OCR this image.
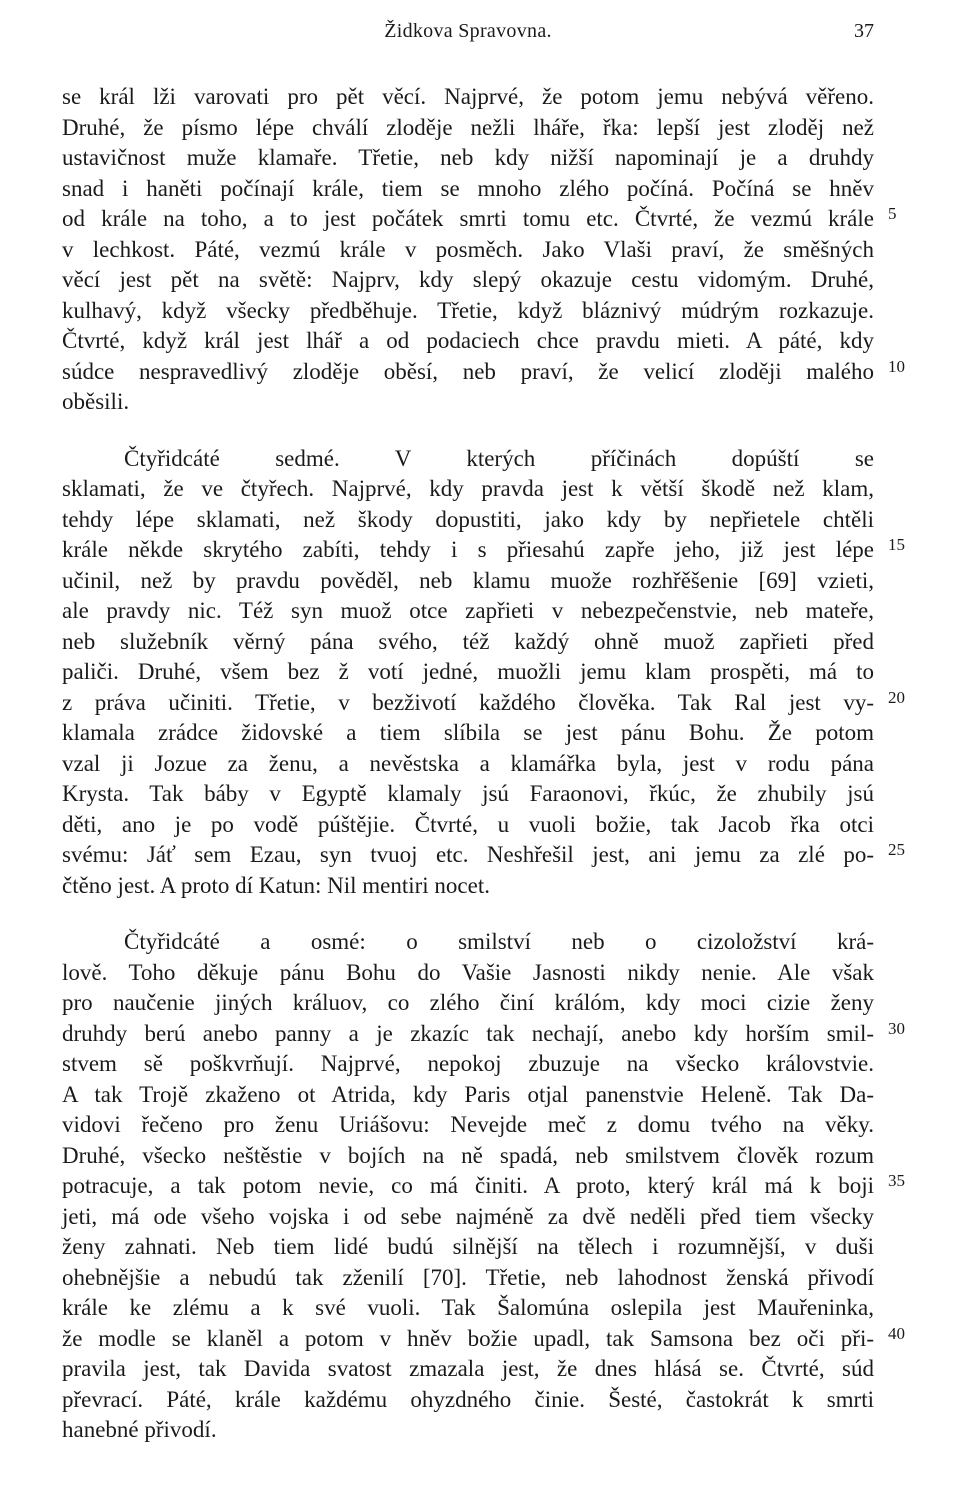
Židkova Spravovna.	37
se král lži varovati pro pět věcí. Najprvé, že potom jemu nebývá věřeno.
Druhé, že písmo lépe chválí zloděje nežli lháře, řka: lepší jest zloděj než
ustavičnost muže klamaře. Třetie, neb kdy nižší napominají je a druhdy
snad i haněti počínají krále, tiem se mnoho zlého počíná. Počíná se hněv
od krále na toho, a to jest počátek smrti tomu etc. Čtvrté, že vezmú krále 5
v lechkost. Páté, vezmú krále v posměch. Jako Vlaši praví, že směšných
věcí jest pět na světě: Najprv, kdy slepý okazuje cestu vidomým. Druhé,
kulhavý, když všecky předběhuje. Třetie, když bláznivý múdrým rozkazuje.
Čtvrté, když král jest lhář a od podaciech chce pravdu mieti. A páté, kdy
súdce nespravedlivý zloděje oběsí, neb praví, že velicí zloději malého 10
oběsili.
Čtyřidcáté sedmé. V kterých příčinách dopúští se
sklamati, že ve čtyřech. Najprvé, kdy pravda jest k větší škodě než klam,
tehdy lépe sklamati, než škody dopustiti, jako kdy by nepřietele chtěli
krále někde skrytého zabíti, tehdy i s přiesahú zapře jeho, již jest lépe 15
učinil, než by pravdu pověděl, neb klamu muože rozhřěšenie [69] vzieti,
ale pravdy nic. Též syn muož otce zapřieti v nebezpečenstvie, neb mateře,
neb služebník věrný pána svého, též každý ohně muož zapřieti před
paliči. Druhé, všem bez ž votí jedné, muožli jemu klam prospěti, má to
z práva učiniti. Třetie, v bezživotí každého člověka. Tak Ral jest vy- 20
klamala zrádce židovské a tiem slíbila se jest pánu Bohu. Že potom
vzal ji Jozue za ženu, a nevěstska a klamářka byla, jest v rodu pána
Krysta. Tak báby v Egyptě klamaly jsú Faraonovi, řkúc, že zhubily jsú
děti, ano je po vodě púštějie. Čtvrté, u vuoli božie, tak Jacob řka otci
svému: Jáť sem Ezau, syn tvuoj etc. Neshřešil jest, ani jemu za zlé po- 25
čtěno jest. A proto dí Katun: Nil mentiri nocet.
Čtyřidcáté a osmé: o smilství neb o cizoložství krá-
lově. Toho děkuje pánu Bohu do Vašie Jasnosti nikdy nenie. Ale však
pro naučenie jiných králuov, co zlého činí králóm, kdy moci cizie ženy
druhdy berú anebo panny a je zkazíc tak nechají, anebo kdy horším smil- 30
stvem sě poškvrňují. Najprvé, nepokoj zbuzuje na všecko královstvie.
A tak Trojě zkaženo ot Atrida, kdy Paris otjal panenstvie Heleně. Tak Da-
vidovi řečeno pro ženu Uriášovu: Nevejde meč z domu tvého na věky.
Druhé, všecko neštěstie v bojích na ně spadá, neb smilstvem člověk rozum
potracuje, a tak potom nevie, co má činiti. A proto, který král má k boji 35
jeti, má ode všeho vojska i od sebe najméně za dvě neděli před tiem všecky
ženy zahnati. Neb tiem lidé budú silnější na tělech i rozumnější, v duši
ohebnějšie a nebudú tak zženilí [70]. Třetie, neb lahodnost ženská přivodí
krále ke zlému a k své vuoli. Tak Šalomúna oslepila jest Mauřeninka,
že modle se klaněl a potom v hněv božie upadl, tak Samsona bez oči při- 40
pravila jest, tak Davida svatost zmazala jest, že dnes hlásá se. Čtvrté, súd
převrací. Páté, krále každému ohyzdného činie. Šesté, častokrát k smrti
hanebné přivodí.
